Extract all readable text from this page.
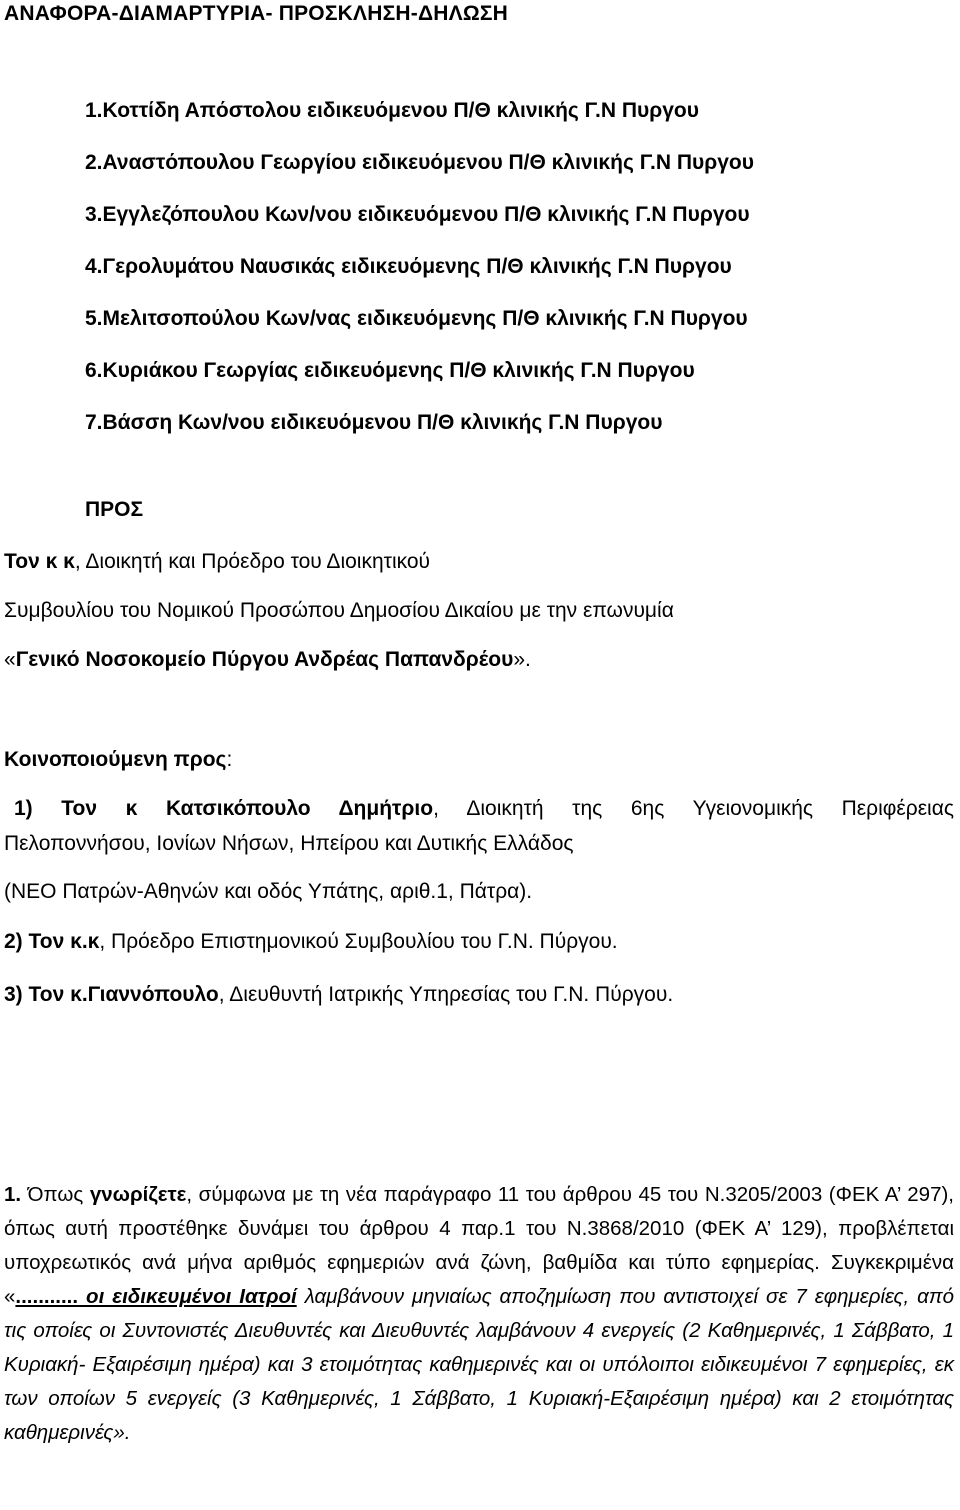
ΑΝΑΦΟΡΑ-ΔΙΑΜΑΡΤΥΡΙΑ- ΠΡΟΣΚΛΗΣΗ-ΔΗΛΩΣΗ
1.Κοττίδη Απόστολου ειδικευόμενου Π/Θ κλινικής Γ.Ν Πυργου
2.Αναστόπουλου Γεωργίου ειδικευόμενου Π/Θ κλινικής Γ.Ν Πυργου
3.Εγγλεζόπουλου Κων/νου ειδικευόμενου Π/Θ κλινικής Γ.Ν Πυργου
4.Γερολυμάτου Ναυσικάς ειδικευόμενης Π/Θ κλινικής Γ.Ν Πυργου
5.Μελιτσοπούλου Κων/νας ειδικευόμενης Π/Θ κλινικής Γ.Ν Πυργου
6.Κυριάκου Γεωργίας ειδικευόμενης Π/Θ κλινικής Γ.Ν Πυργου
7.Βάσση Κων/νου ειδικευόμενου Π/Θ κλινικής Γ.Ν Πυργου
ΠΡΟΣ
Τον κ κ, Διοικητή και Πρόεδρο του Διοικητικού
Συμβουλίου του Νομικού Προσώπου Δημοσίου Δικαίου με την επωνυμία
«Γενικό Νοσοκομείο Πύργου Ανδρέας Παπανδρέου».
Κοινοποιούμενη προς:
1) Τον κ Κατσικόπουλο Δημήτριο, Διοικητή της 6ης Υγειονομικής Περιφέρειας
Πελοποννήσου, Ιονίων Νήσων, Ηπείρου και Δυτικής Ελλάδος
(ΝΕΟ Πατρών-Αθηνών και οδός Υπάτης, αριθ.1, Πάτρα).
2) Τον κ.κ, Πρόεδρο Επιστημονικού Συμβουλίου του Γ.Ν. Πύργου.
3) Τον κ.Γιαννόπουλο, Διευθυντή Ιατρικής Υπηρεσίας του Γ.Ν. Πύργου.
1. Όπως γνωρίζετε, σύμφωνα με τη νέα παράγραφο 11 του άρθρου 45 του Ν.3205/2003 (ΦΕΚ Α’ 297), όπως αυτή προστέθηκε δυνάμει του άρθρου 4 παρ.1 του Ν.3868/2010 (ΦΕΚ Α’ 129), προβλέπεται υποχρεωτικός ανά μήνα αριθμός εφημεριών ανά ζώνη, βαθμίδα και τύπο εφημερίας. Συγκεκριμένα «........... οι ειδικευμένοι Ιατροί λαμβάνουν μηνιαίως αποζημίωση που αντιστοιχεί σε 7 εφημερίες, από τις οποίες οι Συντονιστές Διευθυντές και Διευθυντές λαμβάνουν 4 ενεργείς (2 Καθημερινές, 1 Σάββατο, 1 Κυριακή- Εξαιρέσιμη ημέρα) και 3 ετοιμότητας καθημερινές και οι υπόλοιποι ειδικευμένοι 7 εφημερίες, εκ των οποίων 5 ενεργείς (3 Καθημερινές, 1 Σάββατο, 1 Κυριακή-Εξαιρέσιμη ημέρα) και 2 ετοιμότητας καθημερινές».
